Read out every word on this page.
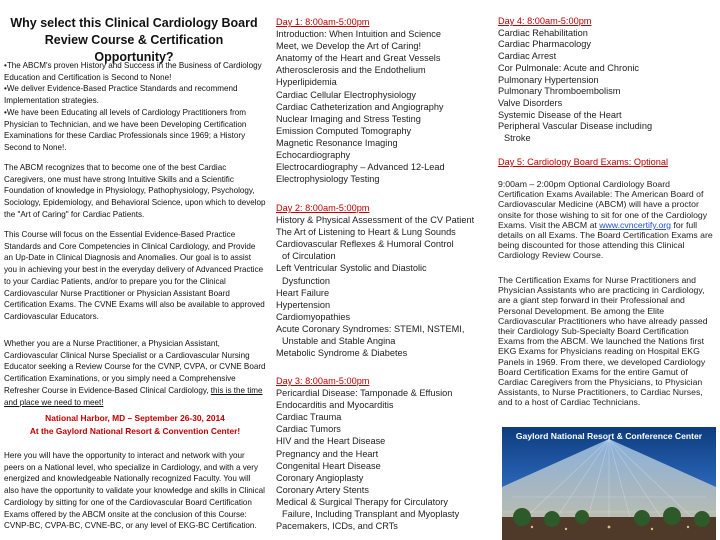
Why select this Clinical Cardiology Board Review Course & Certification Opportunity?

•The ABCM's proven History and Success in the Business of Cardiology Education and Certification is Second to None!

•We deliver Evidence-Based Practice Standards and recommend Implementation strategies.

•We have been Educating all levels of Cardiology Practitioners from Physician to Technician, and we have been Developing Certification Examinations for these Cardiac Professionals since 1969; a History Second to None!.

The ABCM recognizes that to become one of the best Cardiac Caregivers, one must have strong Intuitive Skills and a Scientific Foundation of knowledge in Physiology, Pathophysiology, Psychology, Sociology, Epidemiology, and Behavioral Science, upon which to develop the "Art of Caring" for Cardiac Patients.
This Course will focus on the Essential Evidence-Based Practice Standards and Core Competencies in Clinical Cardiology, and Provide an Up-Date in Clinical Diagnosis and Anomalies. Our goal is to assist you in achieving your best in the everyday delivery of Advanced Practice to your Cardiac Patients, and/or to prepare you for the Clinical Cardiovascular Nurse Practitioner or Physician Assistant Board Certification Exams. The CVNE Exams will also be available to approved Cardiovascular Educators.
Whether you are a Nurse Practitioner, a Physician Assistant, Cardiovascular Clinical Nurse Specialist or a Cardiovascular Nursing Educator seeking a Review Course for the CVNP, CVPA, or CVNE Board Certification Examinations, or you simply need a Comprehensive Refresher Course in Evidence-Based Clinical Cardiology, this is the time and place we need to meet!
National Harbor, MD – September 26-30, 2014
At the Gaylord National Resort & Convention Center!
Here you will have the opportunity to interact and network with your peers on a National level, who specialize in Cardiology, and with a very energized and knowledgeable Nationally recognized Faculty. You will also have the opportunity to validate your knowledge and skills in Clinical Cardiology by sitting for one of the Cardiovascular Board Certification Exams offered by the ABCM onsite at the conclusion of this Course: CVNP-BC, CVPA-BC, CVNE-BC, or any level of EKG-BC Certification.
Day 1: 8:00am-5:00pm
Introduction: When Intuition and Science
Meet, we Develop the Art of Caring!
Anatomy of the Heart and Great Vessels
Atherosclerosis and the Endothelium
Hyperlipidemia
Cardiac Cellular Electrophysiology
Cardiac Catheterization and Angiography
Nuclear Imaging and Stress Testing
Emission Computed Tomography
Magnetic Resonance Imaging
Echocardiography
Electrocardiography – Advanced 12-Lead
Electrophysiology Testing
Day 2: 8:00am-5:00pm
History & Physical Assessment of the CV Patient
The Art of Listening to Heart & Lung Sounds
Cardiovascular Reflexes & Humoral Control
of Circulation
Left Ventricular Systolic and Diastolic
Dysfunction
Heart Failure
Hypertension
Cardiomyopathies
Acute Coronary Syndromes: STEMI, NSTEMI,
Unstable and Stable Angina
Metabolic Syndrome & Diabetes
Day 3: 8:00am-5:00pm
Pericardial Disease: Tamponade & Effusion
Endocarditis and Myocarditis
Cardiac Trauma
Cardiac Tumors
HIV and the Heart Disease
Pregnancy and the Heart
Congenital Heart Disease
Coronary Angioplasty
Coronary Artery Stents
Medical & Surgical Therapy for Circulatory
Failure, Including Transplant and Myoplasty
Pacemakers, ICDs, and CRTs
Day 4: 8:00am-5:00pm
Cardiac Rehabilitation
Cardiac Pharmacology
Cardiac Arrest
Cor Pulmonale: Acute and Chronic
Pulmonary Hypertension
Pulmonary Thromboembolism
Valve Disorders
Systemic Disease of the Heart
Peripheral Vascular Disease including
Stroke
Day 5: Cardiology Board Exams: Optional
9:00am – 2:00pm Optional Cardiology Board Certification Exams Available: The American Board of Cardiovascular Medicine (ABCM) will have a proctor onsite for those wishing to sit for one of the Cardiology Exams. Visit the ABCM at www.cvncertify.org for full details on all Exams. The Board Certification Exams are being discounted for those attending this Clinical Cardiology Review Course.
The Certification Exams for Nurse Practitioners and Physician Assistants who are practicing in Cardiology, are a giant step forward in their Professional and Personal Development. Be among the Elite Cardiovascular Practitioners who have already passed their Cardiology Sub-Specialty Board Certification Exams from the ABCM. We launched the Nations first EKG Exams for Physicians reading on Hospital EKG Panels in 1969. From there, we developed Cardiology Board Certification Exams for the entire Gamut of Cardiac Caregivers from the Physicians, to Physician Assistants, to Nurse Practitioners, to Cardiac Nurses, and to a host of Cardiac Technicians.
Gaylord National Resort & Conference Center
